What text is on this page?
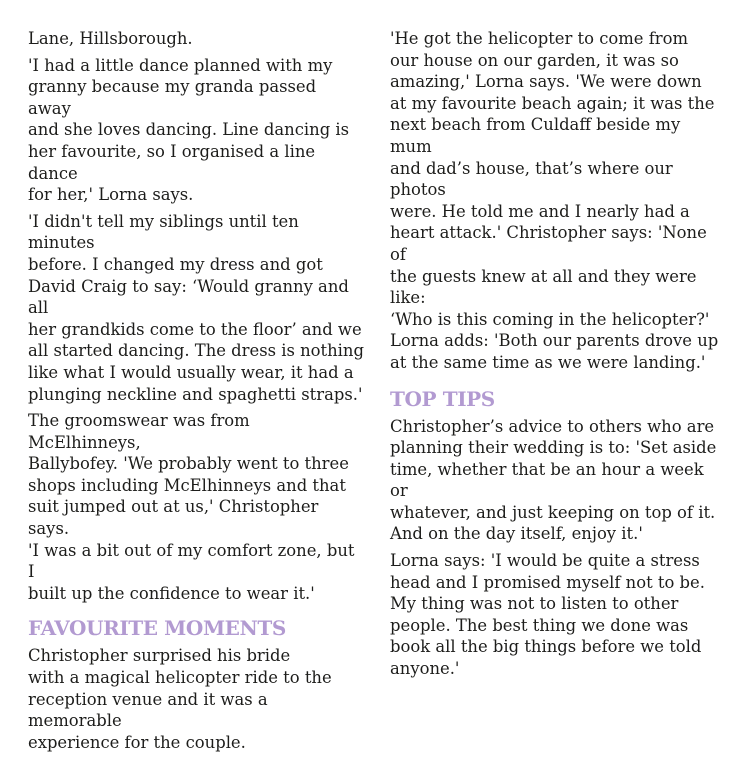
Lane, Hillsborough.

'I had a little dance planned with my
granny because my granda passed away
and she loves dancing. Line dancing is
her favourite, so I organised a line dance
for her,' Lorna says.

'I didn't tell my siblings until ten minutes
before. I changed my dress and got
David Craig to say: ‘Would granny and all
her grandkids come to the floor’ and we
all started dancing. The dress is nothing
like what I would usually wear, it had a
plunging neckline and spaghetti straps.'

The groomswear was from McElhinneys,
Ballybofey. 'We probably went to three
shops including McElhinneys and that
suit jumped out at us,' Christopher says.
'I was a bit out of my comfort zone, but I
built up the confidence to wear it.'

FAVOURITE MOMENTS

Christopher surprised his bride
with a magical helicopter ride to the
reception venue and it was a memorable
experience for the couple.

'He got the helicopter to come from
our house on our garden, it was so
amazing,' Lorna says. 'We were down
at my favourite beach again; it was the
next beach from Culdaff beside my mum
and dad’s house, that’s where our photos
were. He told me and I nearly had a
heart attack.' Christopher says: 'None of
the guests knew at all and they were like:
‘Who is this coming in the helicopter?'
Lorna adds: 'Both our parents drove up
at the same time as we were landing.'

TOP TIPS

Christopher’s advice to others who are
planning their wedding is to: 'Set aside
time, whether that be an hour a week or
whatever, and just keeping on top of it.
And on the day itself, enjoy it.'

Lorna says: 'I would be quite a stress
head and I promised myself not to be.
My thing was not to listen to other
people. The best thing we done was
book all the big things before we told
anyone.'
